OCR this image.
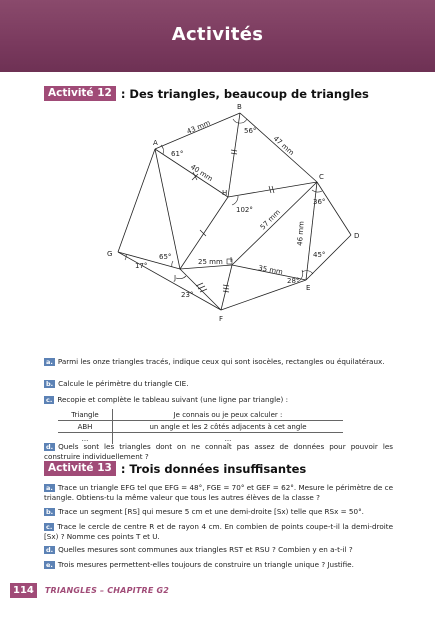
Activités
Activité 12 : Des triangles, beaucoup de triangles
A
B
C
D
E
F
G
H
I
J
43 mm
47 mm
40 mm
57 mm
46 mm
25 mm
35 mm
56°
61°
102°
36°
45°
65°
17°
23°
28°
a. Parmi les onze triangles tracés, indique ceux qui sont isocèles, rectangles ou équilatéraux.
b. Calcule le périmètre du triangle CIE.
c. Recopie et complète le tableau suivant (une ligne par triangle) :
Triangle	Je connais ou je peux calculer :
ABH	un angle et les 2 côtés adjacents à cet angle
...	...
d. Quels sont les triangles dont on ne connaît pas assez de données pour pouvoir les construire individuellement ?
Activité 13 : Trois données insuffisantes
a. Trace un triangle EFG tel que EFG = 48°, FGE = 70° et GEF = 62°. Mesure le périmètre de ce triangle. Obtiens-tu la même valeur que tous les autres élèves de la classe ?
b. Trace un segment [RS] qui mesure 5 cm et une demi-droite [Sx) telle que RSx = 50°.
c. Trace le cercle de centre R et de rayon 4 cm. En combien de points coupe-t-il la demi-droite [Sx) ? Nomme ces points T et U.
d. Quelles mesures sont communes aux triangles RST et RSU ? Combien y en a-t-il ?
e. Trois mesures permettent-elles toujours de construire un triangle unique ? Justifie.
114	TRIANGLES – CHAPITRE G2
